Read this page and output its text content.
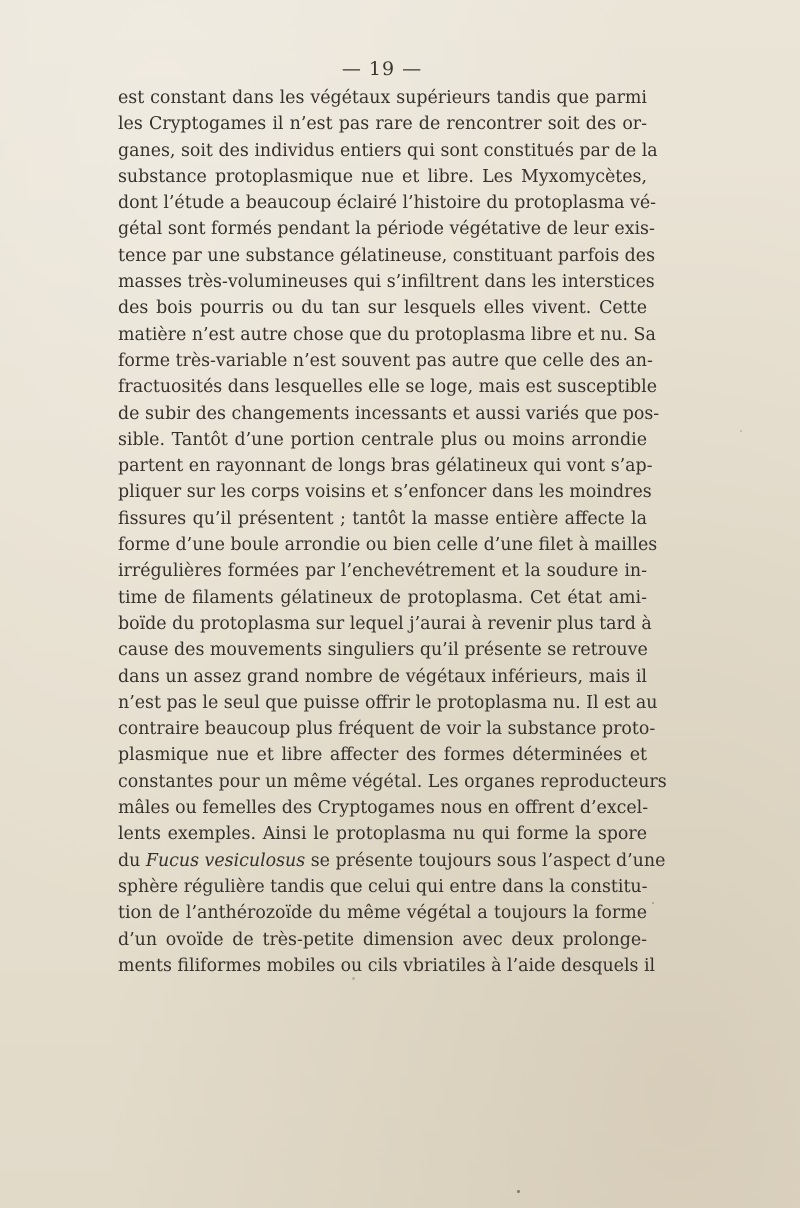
— 19 —
est constant dans les végétaux supérieurs tandis que parmi
les Cryptogames il n’est pas rare de rencontrer soit des or-
ganes, soit des individus entiers qui sont constitués par de la
substance protoplasmique nue et libre. Les Myxomycètes,
dont l’étude a beaucoup éclairé l’histoire du protoplasma vé-
gétal sont formés pendant la période végétative de leur exis-
tence par une substance gélatineuse, constituant parfois des
masses très-volumineuses qui s’infiltrent dans les interstices
des bois pourris ou du tan sur lesquels elles vivent. Cette
matière n’est autre chose que du protoplasma libre et nu. Sa
forme très-variable n’est souvent pas autre que celle des an-
fractuosités dans lesquelles elle se loge, mais est susceptible
de subir des changements incessants et aussi variés que pos-
sible. Tantôt d’une portion centrale plus ou moins arrondie
partent en rayonnant de longs bras gélatineux qui vont s’ap-
pliquer sur les corps voisins et s’enfoncer dans les moindres
fissures qu’il présentent ; tantôt la masse entière affecte la
forme d’une boule arrondie ou bien celle d’une filet à mailles
irrégulières formées par l’enchevétrement et la soudure in-
time de filaments gélatineux de protoplasma. Cet état ami-
boïde du protoplasma sur lequel j’aurai à revenir plus tard à
cause des mouvements singuliers qu’il présente se retrouve
dans un assez grand nombre de végétaux inférieurs, mais il
n’est pas le seul que puisse offrir le protoplasma nu. Il est au
contraire beaucoup plus fréquent de voir la substance proto-
plasmique nue et libre affecter des formes déterminées et
constantes pour un même végétal. Les organes reproducteurs
mâles ou femelles des Cryptogames nous en offrent d’excel-
lents exemples. Ainsi le protoplasma nu qui forme la spore
du Fucus vesiculosus se présente toujours sous l’aspect d’une
sphère régulière tandis que celui qui entre dans la constitu-
tion de l’anthérozoïde du même végétal a toujours la forme
d’un ovoïde de très-petite dimension avec deux prolonge-
ments filiformes mobiles ou cils vbriatiles à l’aide desquels il
